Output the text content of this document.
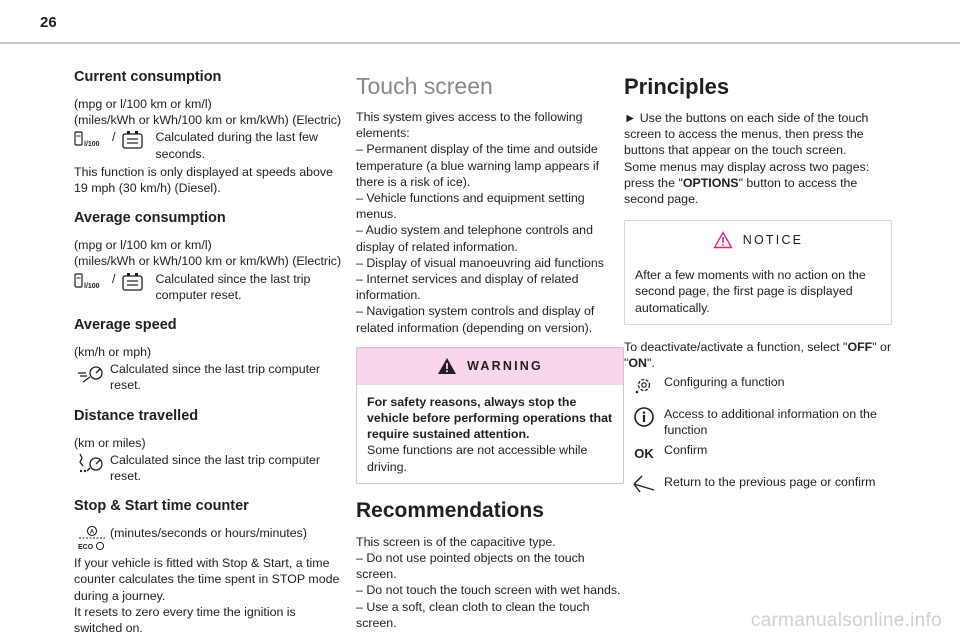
26
Current consumption

(mpg or l/100 km or km/l)

(miles/kWh or kWh/100 km or km/kWh) (Electric)

l/100
/	Calculated during the last few seconds.

This function is only displayed at speeds above 19 mph (30 km/h) (Diesel).

Average consumption

(mpg or l/100 km or km/l)

(miles/kWh or kWh/100 km or km/kWh) (Electric)

l/100
/	Calculated since the last trip computer reset.
Average speed

(km/h or mph)

Calculated since the last trip computer reset.
Distance travelled

(km or miles)

Calculated since the last trip computer reset.
Stop & Start time counter
A
ECO
(minutes/seconds or hours/minutes)

If your vehicle is fitted with Stop & Start, a time counter calculates the time spent in STOP mode during a journey.

It resets to zero every time the ignition is switched on.

Touch screen

This system gives access to the following elements:

– Permanent display of the time and outside temperature (a blue warning lamp appears if there is a risk of ice).

– Vehicle functions and equipment setting menus.

– Audio system and telephone controls and display of related information.

– Display of visual manoeuvring aid functions

– Internet services and display of related information.

– Navigation system controls and display of related information (depending on version).

WARNING

For safety reasons, always stop the vehicle before performing operations that require sustained attention.

Some functions are not accessible while driving.

Recommendations

This screen is of the capacitive type.

– Do not use pointed objects on the touch screen.

– Do not touch the touch screen with wet hands.

– Use a soft, clean cloth to clean the touch screen.

Principles

► Use the buttons on each side of the touch screen to access the menus, then press the buttons that appear on the touch screen.

Some menus may display across two pages: press the "OPTIONS" button to access the second page.

NOTICE

After a few moments with no action on the second page, the first page is displayed automatically.

To deactivate/activate a function, select "OFF" or "ON".

Configuring a function
Access to additional information on the function
OK Confirm
Return to the previous page or confirm
carmanualsonline.info
